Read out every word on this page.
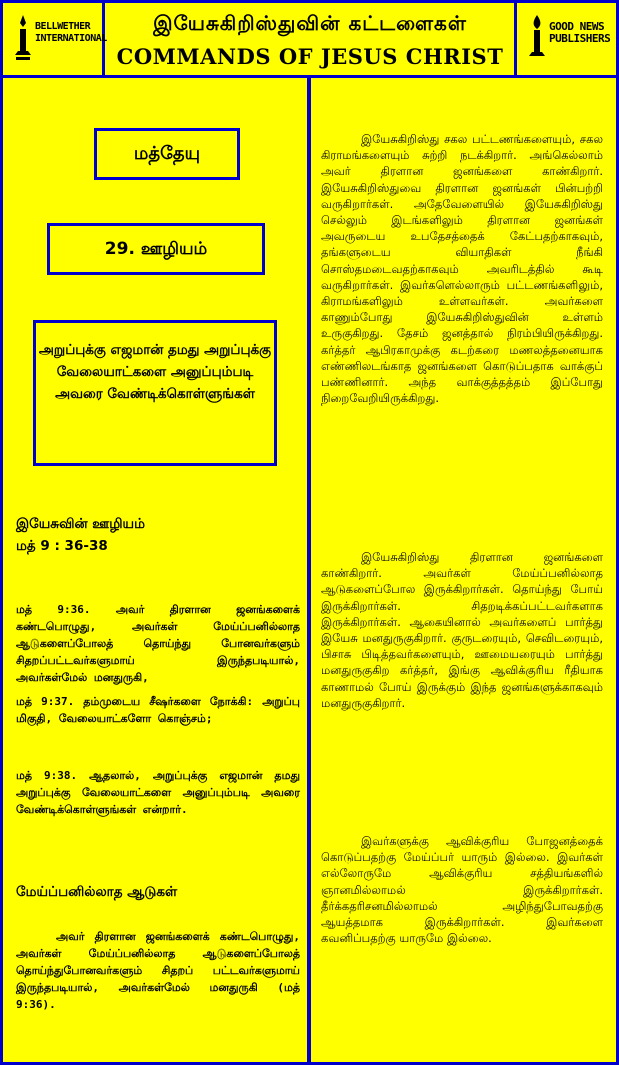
BELLWETHER INTERNATIONAL
இயேசுகிறிஸ்துவின் கட்டளைகள்
COMMANDS OF JESUS CHRIST
GOOD NEWS PUBLISHERS
மத்தேயு
29. ஊழியம்
அறுப்புக்கு எஜமான் தமது அறுப்புக்கு வேலையாட்களை அனுப்பும்படி அவரை வேண்டிக்கொள்ளுங்கள்
இயேசுவின் ஊழியம்
மத் 9 : 36-38
மத் 9:36. அவர் திரளான ஜனங்களைக் கண்டபொழுது, அவர்கள் மேய்ப்பனில்லாத ஆடுகளைப்போலத் தொய்ந்து போனவர்களும் சிதறப்பட்டவர்களுமாய் இருந்தபடியால், அவர்கள்மேல் மனதுருகி,
மத் 9:37. தம்முடைய சீஷர்களை நோக்கி: அறுப்பு மிகுதி, வேலையாட்களோ கொஞ்சம்;
மத் 9:38. ஆதலால், அறுப்புக்கு எஜமான் தமது அறுப்புக்கு வேலையாட்களை அனுப்பும்படி அவரை வேண்டிக்கொள்ளுங்கள் என்றார்.
மேய்ப்பனில்லாத ஆடுகள்
அவர் திரளான ஜனங்களைக் கண்டபொழுது, அவர்கள் மேய்ப்பனில்லாத ஆடுகளைப்போலத் தொய்ந்துபோனவர்களும் சிதறப் பட்டவர்களுமாய் இருந்தபடியால், அவர்கள்மேல் மனதுருகி (மத் 9:36).
இயேசுகிறிஸ்து சகல பட்டணங்களையும், சகல கிராமங்களையும் சுற்றி நடக்கிறார். அங்கெல்லாம் அவர் திரளான ஜனங்களை காண்கிறார். இயேசுகிறிஸ்துவை திரளான ஜனங்கள் பின்பற்றி வருகிறார்கள். அதேவேளையில் இயேசுகிறிஸ்து செல்லும் இடங்களிலும் திரளான ஜனங்கள் அவருடைய உபதேசத்தைக் கேட்பதற்காகவும், தங்களுடைய வியாதிகள் நீங்கி சொஸ்தமடைவதற்காகவும் அவரிடத்தில் கூடி வருகிறார்கள். இவர்களெல்லாரும் பட்டணங்களிலும், கிராமங்களிலும் உள்ளவர்கள். அவர்களை காணும்போது இயேசுகிறிஸ்துவின் உள்ளம் உருகுகிறது. தேசம் ஜனத்தால் நிரம்பியிருக்கிறது. கர்த்தர் ஆபிரகாமுக்கு கடற்கரை மணலத்தனையாக எண்ணிலடங்காத ஜனங்களை கொடுப்பதாக வாக்குப் பண்ணினார். அந்த வாக்குத்தத்தம் இப்போது நிறைவேறியிருக்கிறது.
இயேசுகிறிஸ்து திரளான ஜனங்களை காண்கிறார். அவர்கள் மேய்ப்பனில்லாத ஆடுகளைப்போல இருக்கிறார்கள். தொய்ந்து போய் இருக்கிறார்கள். சிதறடிக்கப்பட்டவர்களாக இருக்கிறார்கள். ஆகையினால் அவர்களைப் பார்த்து இயேசு மனதுருகுகிறார். குருடரையும், செவிடரையும், பிசாசு பிடித்தவர்களையும், ஊமையரையும் பார்த்து மனதுருகுகிற கர்த்தர், இங்கு ஆவிக்குரிய ரீதியாக காணாமல் போய் இருக்கும் இந்த ஜனங்களுக்காகவும் மனதுருகுகிறார்.
இவர்களுக்கு ஆவிக்குரிய போஜனத்தைக் கொடுப்பதற்கு மேய்ப்பர் யாரும் இல்லை. இவர்கள் எல்லோருமே ஆவிக்குரிய சத்தியங்களில் ஞானமில்லாமல் இருக்கிறார்கள். தீர்க்கதரிசனமில்லாமல் அழிந்துபோவதற்கு ஆயத்தமாக இருக்கிறார்கள். இவர்களை கவனிப்பதற்கு யாருமே இல்லை.
